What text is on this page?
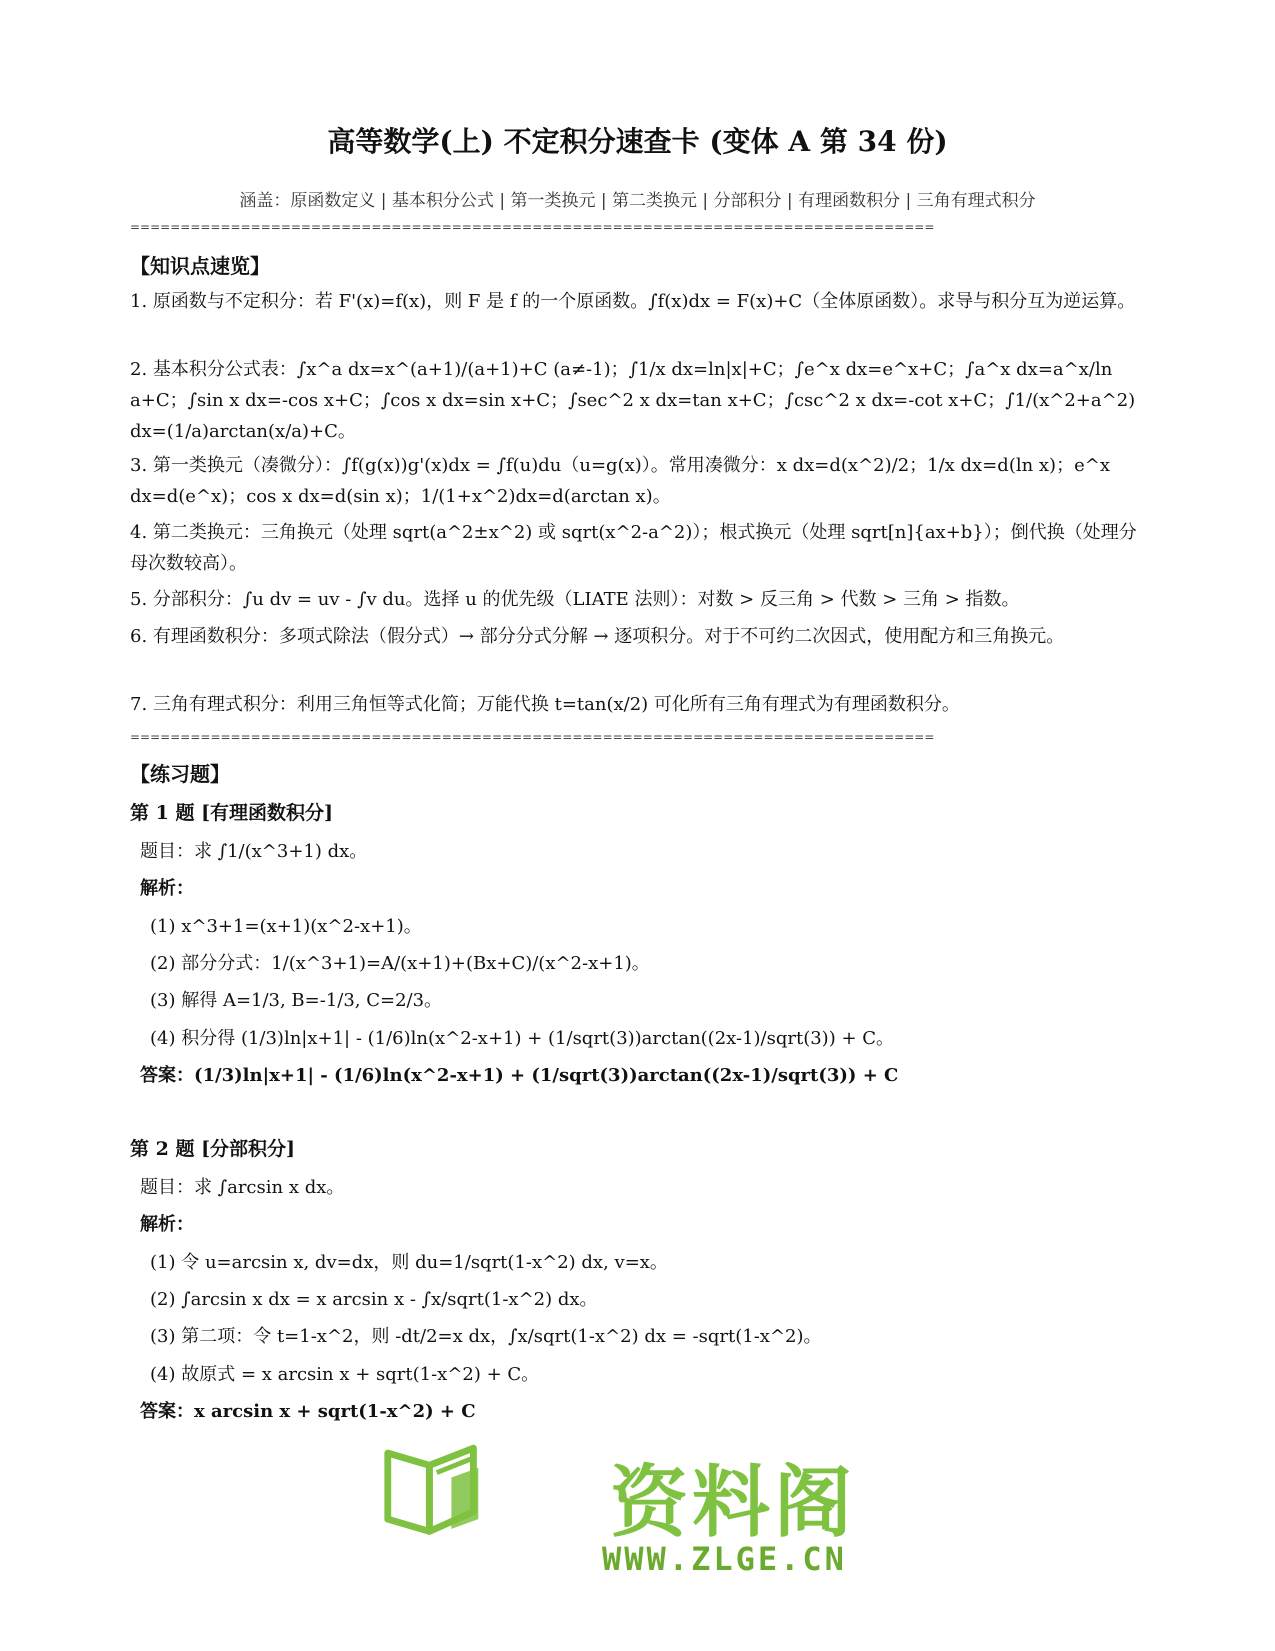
高等数学(上) 不定积分速查卡 (变体 A 第 34 份)
涵盖：原函数定义 | 基本积分公式 | 第一类换元 | 第二类换元 | 分部积分 | 有理函数积分 | 三角有理式积分
================================================================================
【知识点速览】
1. 原函数与不定积分：若 F'(x)=f(x)，则 F 是 f 的一个原函数。∫f(x)dx = F(x)+C（全体原函数）。求导与积分互为逆运算。
2. 基本积分公式表：∫x^a dx=x^(a+1)/(a+1)+C (a≠-1)；∫1/x dx=ln|x|+C；∫e^x dx=e^x+C；∫a^x dx=a^x/ln a+C；∫sin x dx=-cos x+C；∫cos x dx=sin x+C；∫sec^2 x dx=tan x+C；∫csc^2 x dx=-cot x+C；∫1/(x^2+a^2) dx=(1/a)arctan(x/a)+C。
3. 第一类换元（凑微分）：∫f(g(x))g'(x)dx = ∫f(u)du（u=g(x)）。常用凑微分：x dx=d(x^2)/2；1/x dx=d(ln x)；e^x dx=d(e^x)；cos x dx=d(sin x)；1/(1+x^2)dx=d(arctan x)。
4. 第二类换元：三角换元（处理 sqrt(a^2±x^2) 或 sqrt(x^2-a^2)）；根式换元（处理 sqrt[n]{ax+b}）；倒代换（处理分母次数较高）。
5. 分部积分：∫u dv = uv - ∫v du。选择 u 的优先级（LIATE 法则）：对数 > 反三角 > 代数 > 三角 > 指数。
6. 有理函数积分：多项式除法（假分式）→ 部分分式分解 → 逐项积分。对于不可约二次因式，使用配方和三角换元。
7. 三角有理式积分：利用三角恒等式化简；万能代换 t=tan(x/2) 可化所有三角有理式为有理函数积分。
================================================================================
【练习题】
第 1 题 [有理函数积分]
题目：求 ∫1/(x^3+1) dx。
解析：
(1) x^3+1=(x+1)(x^2-x+1)。
(2) 部分分式：1/(x^3+1)=A/(x+1)+(Bx+C)/(x^2-x+1)。
(3) 解得 A=1/3, B=-1/3, C=2/3。
(4) 积分得 (1/3)ln|x+1| - (1/6)ln(x^2-x+1) + (1/sqrt(3))arctan((2x-1)/sqrt(3)) + C。
答案：(1/3)ln|x+1| - (1/6)ln(x^2-x+1) + (1/sqrt(3))arctan((2x-1)/sqrt(3)) + C
第 2 题 [分部积分]
题目：求 ∫arcsin x dx。
解析：
(1) 令 u=arcsin x, dv=dx，则 du=1/sqrt(1-x^2) dx, v=x。
(2) ∫arcsin x dx = x arcsin x - ∫x/sqrt(1-x^2) dx。
(3) 第二项：令 t=1-x^2，则 -dt/2=x dx，∫x/sqrt(1-x^2) dx = -sqrt(1-x^2)。
(4) 故原式 = x arcsin x + sqrt(1-x^2) + C。
答案：x arcsin x + sqrt(1-x^2) + C
资料阁
WWW.ZLGE.CN
